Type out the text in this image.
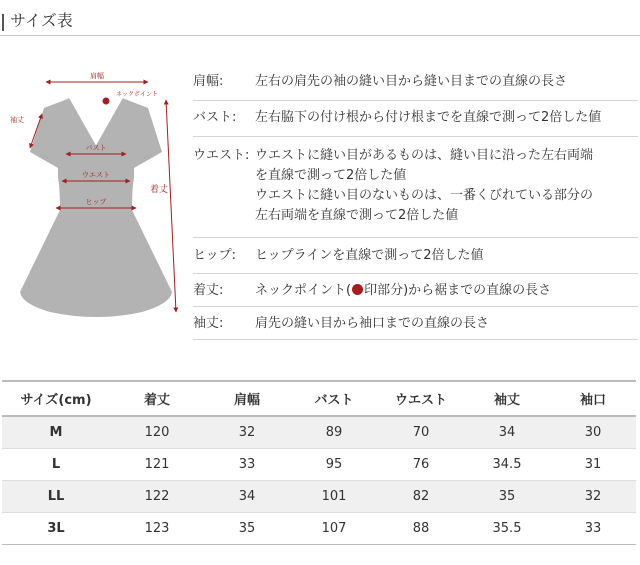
サイズ表
肩幅
ネックポイント
袖丈
バスト
ウエスト
ヒップ
着丈
肩幅: 左右の肩先の袖の縫い目から縫い目までの直線の長さ
バスト: 左右脇下の付け根から付け根までを直線で測って2倍した値
ウエスト: ウエストに縫い目があるものは、縫い目に沿った左右両端
を直線で測って2倍した値
ウエストに縫い目のないものは、一番くびれている部分の
左右両端を直線で測って2倍した値
ヒップ: ヒップラインを直線で測って2倍した値
着丈: ネックポイント( 印部分)から裾までの直線の長さ
袖丈: 肩先の縫い目から袖口までの直線の長さ
サイズ(cm)	着丈	肩幅	バスト	ウエスト	袖丈	袖口
M	120	32	89	70	34	30
L	121	33	95	76	34.5	31
LL	122	34	101	82	35	32
3L	123	35	107	88	35.5	33
